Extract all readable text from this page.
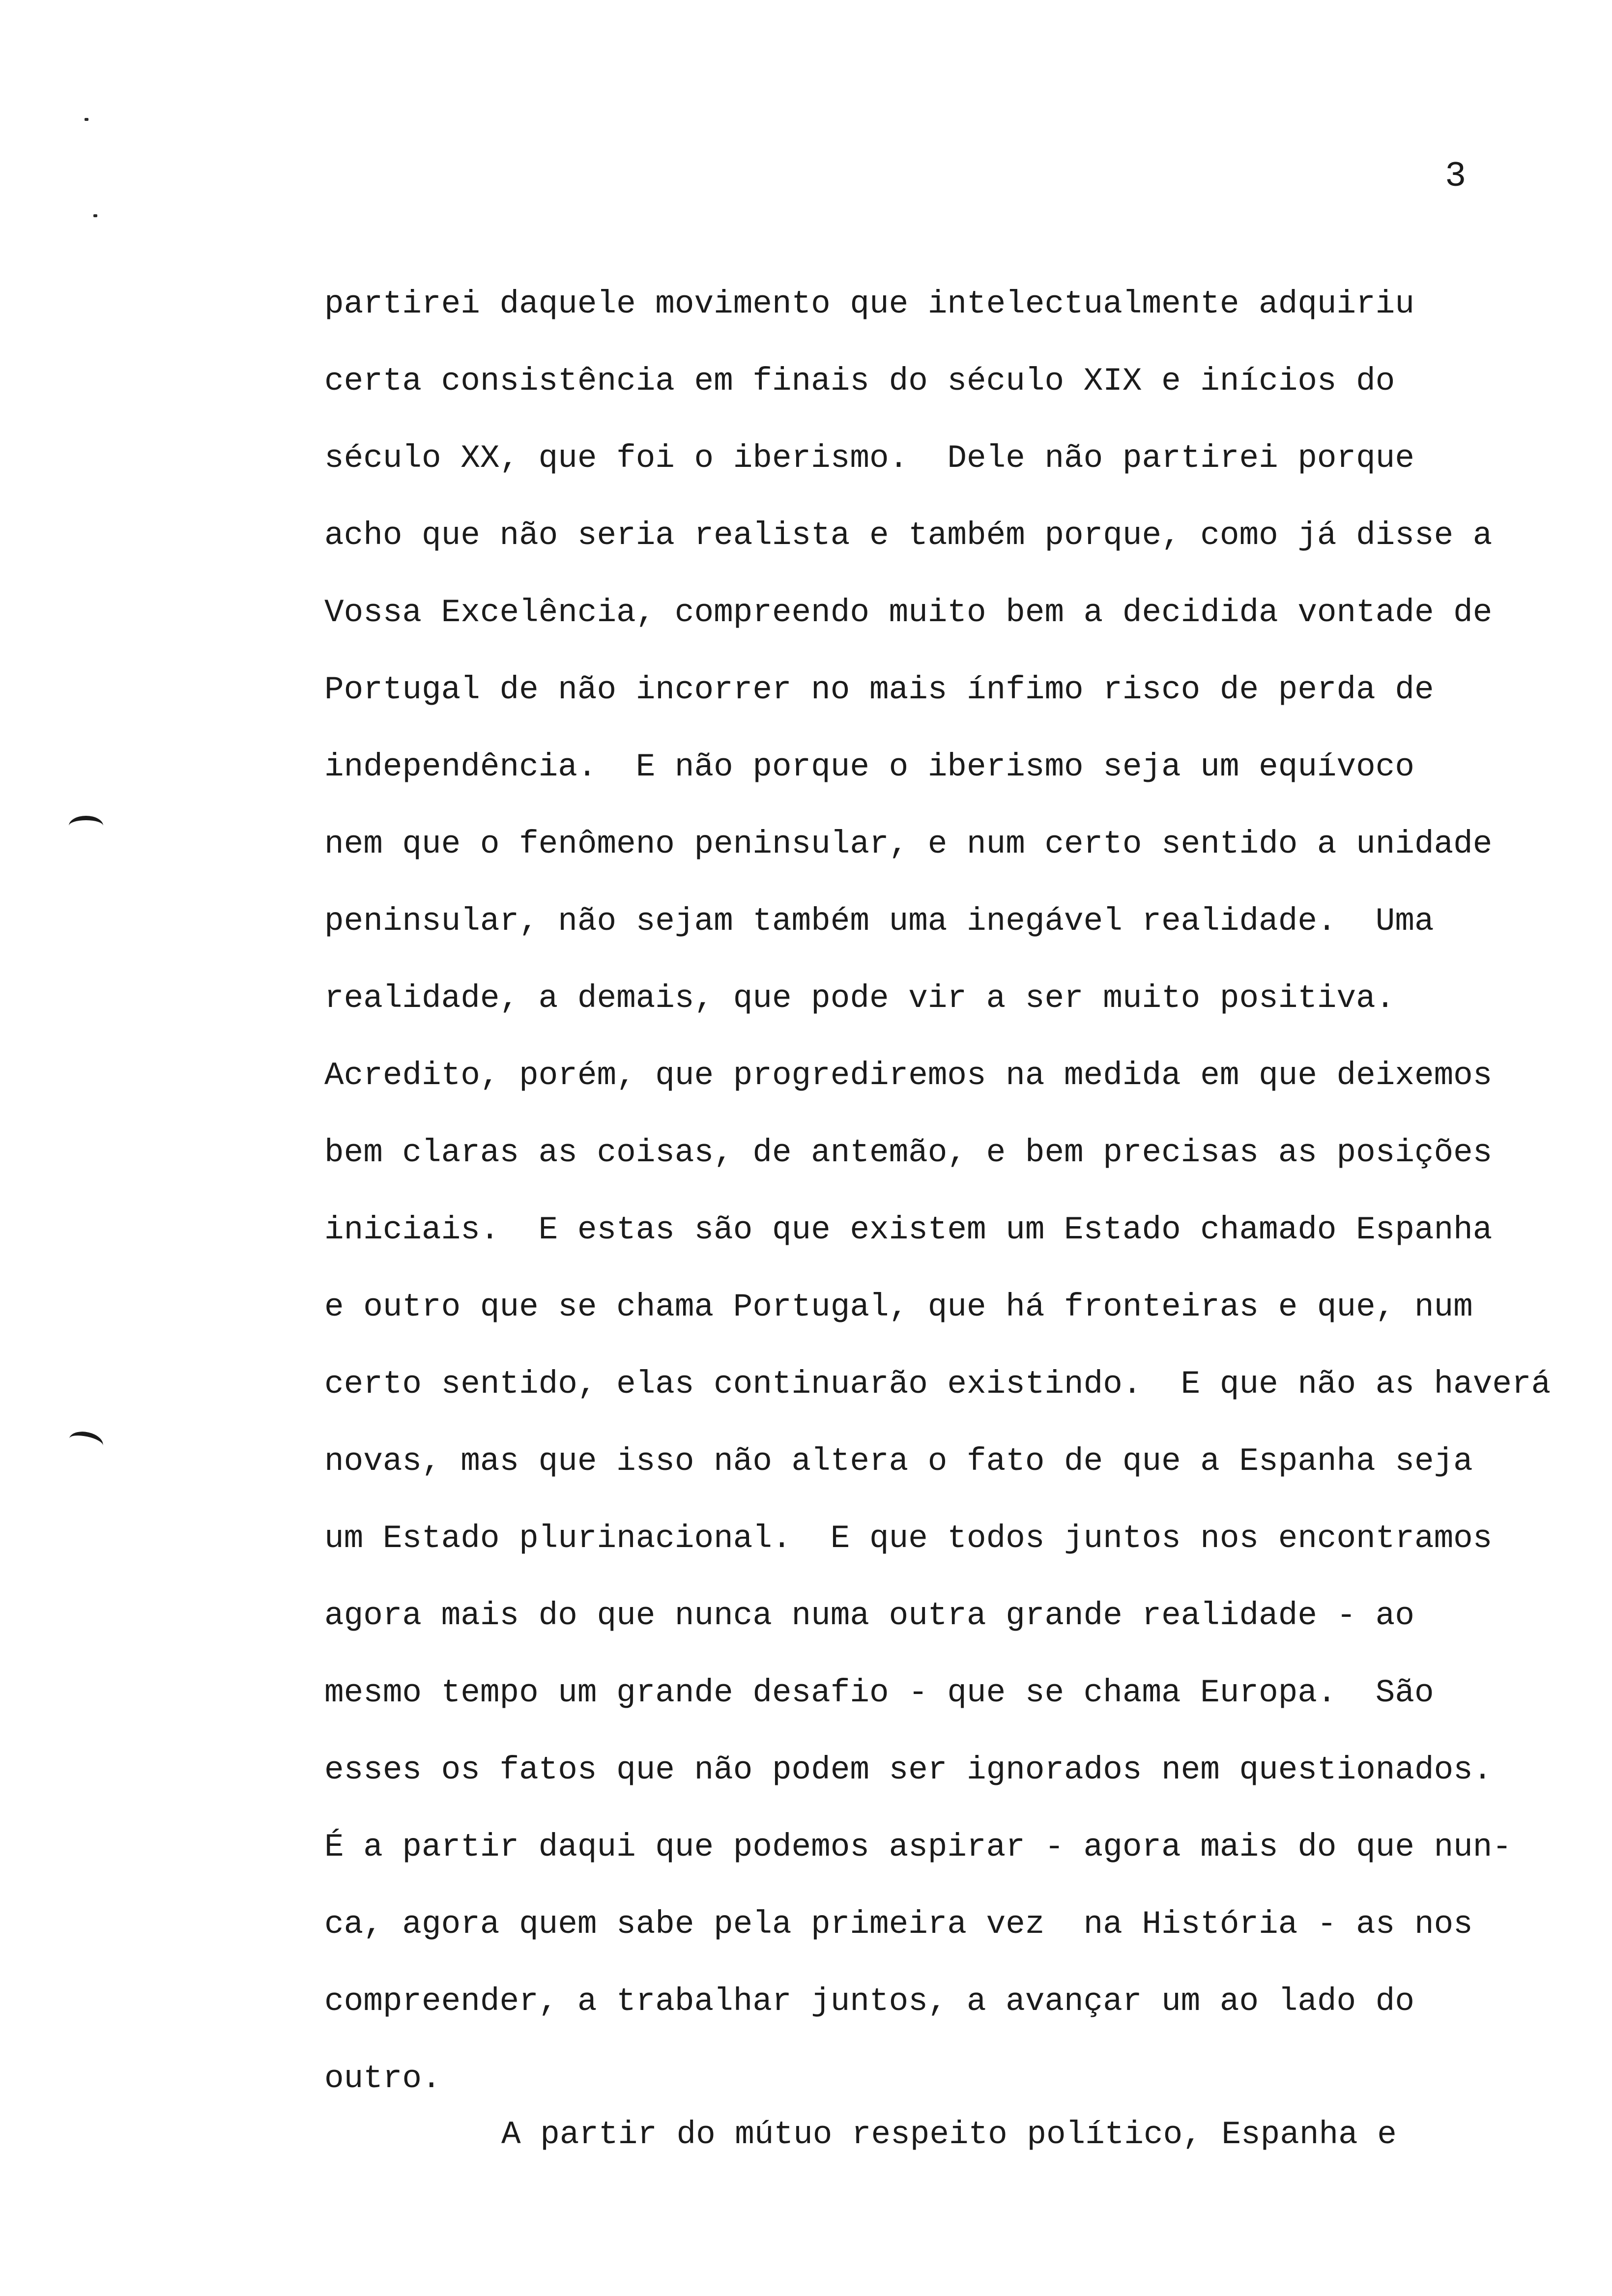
3
partirei daquele movimento que intelectualmente adquiriu
certa consistência em finais do século XIX e inícios do
século XX, que foi o iberismo.  Dele não partirei porque
acho que não seria realista e também porque, como já disse a
Vossa Excelência, compreendo muito bem a decidida vontade de
Portugal de não incorrer no mais ínfimo risco de perda de
independência.  E não porque o iberismo seja um equívoco
nem que o fenômeno peninsular, e num certo sentido a unidade
peninsular, não sejam também uma inegável realidade.  Uma
realidade, a demais, que pode vir a ser muito positiva.
Acredito, porém, que progrediremos na medida em que deixemos
bem claras as coisas, de antemão, e bem precisas as posições
iniciais.  E estas são que existem um Estado chamado Espanha
e outro que se chama Portugal, que há fronteiras e que, num
certo sentido, elas continuarão existindo.  E que não as haverá
novas, mas que isso não altera o fato de que a Espanha seja
um Estado plurinacional.  E que todos juntos nos encontramos
agora mais do que nunca numa outra grande realidade - ao
mesmo tempo um grande desafio - que se chama Europa.  São
esses os fatos que não podem ser ignorados nem questionados.
É a partir daqui que podemos aspirar - agora mais do que nun-
ca, agora quem sabe pela primeira vez  na História - as nos
compreender, a trabalhar juntos, a avançar um ao lado do
outro.
A partir do mútuo respeito político, Espanha e
